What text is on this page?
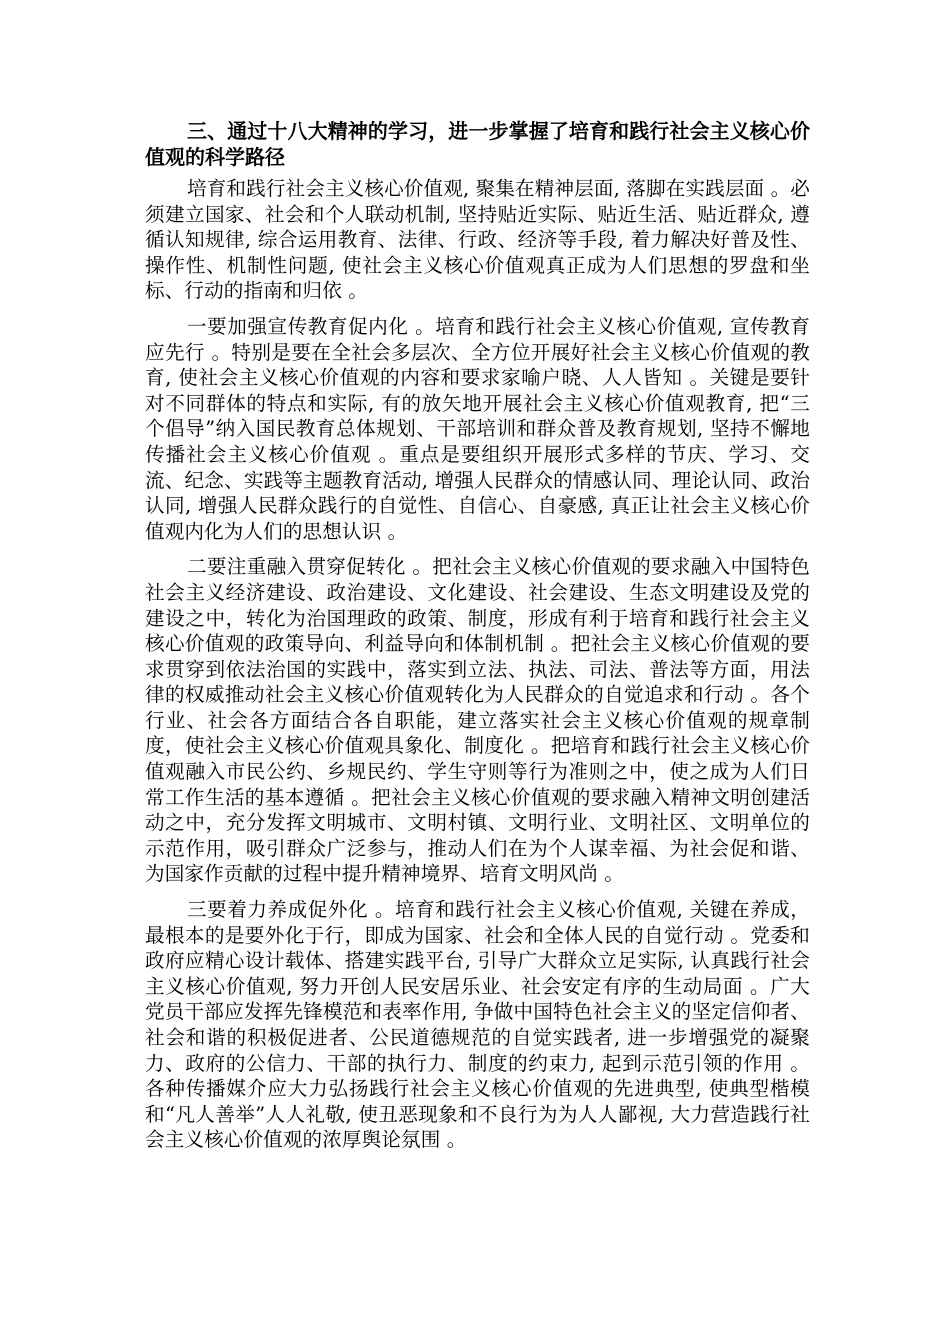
三、通过十八大精神的学习，进一步掌握了培育和践行社会主义核心价值观的科学路径

培育和践行社会主义核心价值观, 聚集在精神层面, 落脚在实践层面 。必须建立国家、社会和个人联动机制, 坚持贴近实际、贴近生活、贴近群众, 遵循认知规律, 综合运用教育、法律、行政、经济等手段, 着力解决好普及性、操作性、机制性问题, 使社会主义核心价值观真正成为人们思想的罗盘和坐标、行动的指南和归依 。

一要加强宣传教育促内化 。培育和践行社会主义核心价值观, 宣传教育应先行 。特别是要在全社会多层次、全方位开展好社会主义核心价值观的教育, 使社会主义核心价值观的内容和要求家喻户晓、人人皆知 。关键是要针对不同群体的特点和实际, 有的放矢地开展社会主义核心价值观教育, 把“三个倡导”纳入国民教育总体规划、干部培训和群众普及教育规划, 坚持不懈地传播社会主义核心价值观 。重点是要组织开展形式多样的节庆、学习、交流、纪念、实践等主题教育活动, 增强人民群众的情感认同、理论认同、政治认同, 增强人民群众践行的自觉性、自信心、自豪感, 真正让社会主义核心价值观内化为人们的思想认识 。

二要注重融入贯穿促转化 。把社会主义核心价值观的要求融入中国特色社会主义经济建设、政治建设、文化建设、社会建设、生态文明建设及党的建设之中，转化为治国理政的政策、制度，形成有利于培育和践行社会主义核心价值观的政策导向、利益导向和体制机制 。把社会主义核心价值观的要求贯穿到依法治国的实践中，落实到立法、执法、司法、普法等方面，用法律的权威推动社会主义核心价值观转化为人民群众的自觉追求和行动 。各个行业、社会各方面结合各自职能，建立落实社会主义核心价值观的规章制度，使社会主义核心价值观具象化、制度化 。把培育和践行社会主义核心价值观融入市民公约、乡规民约、学生守则等行为准则之中，使之成为人们日常工作生活的基本遵循 。把社会主义核心价值观的要求融入精神文明创建活动之中，充分发挥文明城市、文明村镇、文明行业、文明社区、文明单位的示范作用，吸引群众广泛参与，推动人们在为个人谋幸福、为社会促和谐、为国家作贡献的过程中提升精神境界、培育文明风尚 。

三要着力养成促外化 。培育和践行社会主义核心价值观, 关键在养成，最根本的是要外化于行，即成为国家、社会和全体人民的自觉行动 。党委和政府应精心设计载体、搭建实践平台, 引导广大群众立足实际, 认真践行社会主义核心价值观, 努力开创人民安居乐业、社会安定有序的生动局面 。广大党员干部应发挥先锋模范和表率作用, 争做中国特色社会主义的坚定信仰者、社会和谐的积极促进者、公民道德规范的自觉实践者, 进一步增强党的凝聚力、政府的公信力、干部的执行力、制度的约束力, 起到示范引领的作用 。各种传播媒介应大力弘扬践行社会主义核心价值观的先进典型, 使典型楷模和“凡人善举”人人礼敬, 使丑恶现象和不良行为为人人鄙视, 大力营造践行社会主义核心价值观的浓厚舆论氛围 。
